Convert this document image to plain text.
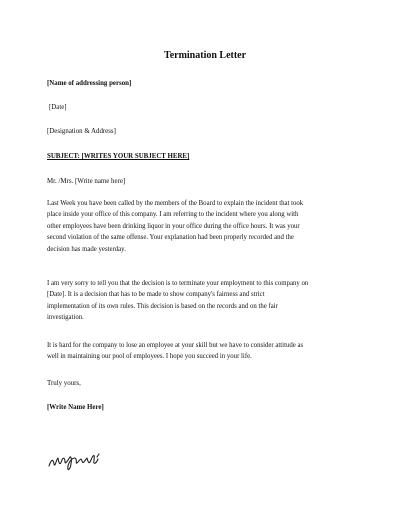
Termination Letter
[Name of addressing person]
[Date]
[Designation & Address]
SUBJECT: [WRITES YOUR SUBJECT HERE]
Mr. /Mrs. [Write name here]
Last Week you have been called by the members of the Board to explain the incident that took
place inside your office of this company. I am referring to the incident where you along with
other employees have been drinking liquor in your office during the office hours. It was your
second violation of the same offense. Your explanation had been properly recorded and the
decision has made yesterday.
I am very sorry to tell you that the decision is to terminate your employment to this company on
[Date]. It is a decision that has to be made to show company's fairness and strict
implementation of its own rules. This decision is based on the records and on the fair
investigation.
It is hard for the company to lose an employee at your skill but we have to consider attitude as
well in maintaining our pool of employees. I hope you succeed in your life.
Truly yours,
[Write Name Here]
